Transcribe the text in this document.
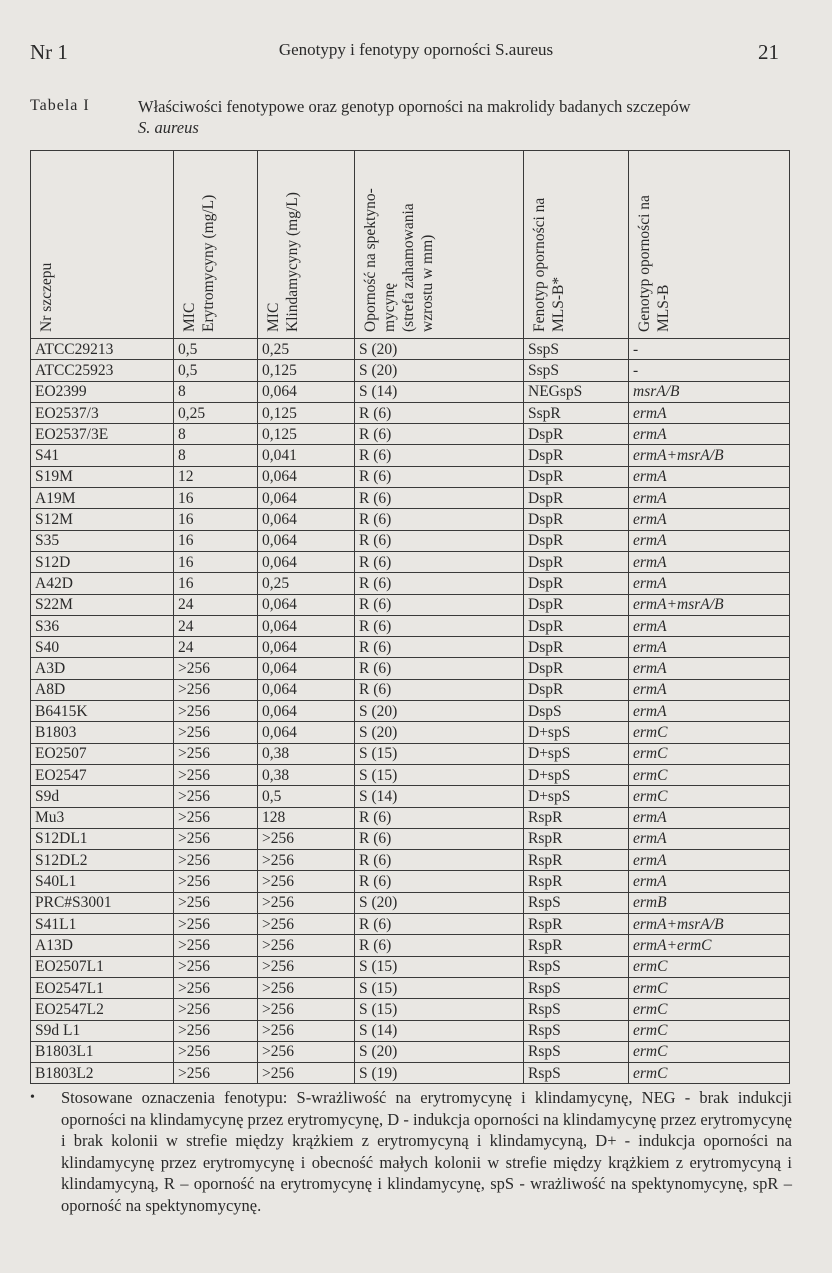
Nr 1	Genotypy i fenotypy oporności S.aureus	21
Tabela I	Właściwości fenotypowe oraz genotyp oporności na makrolidy badanych szczepów
S. aureus
Nr szczepu	MIC Erytromycyny (mg/L)	MIC Klindamycyny (mg/L)	Oporność na spektyno- mycynę (strefa zahamowania wzrostu w mm)	Fenotyp oporności na MLS-B*	Genotyp oporności na MLS-B

ATCC29213	0,5	0,25	S (20)	SspS	-
ATCC25923	0,5	0,125	S (20)	SspS	-
EO2399	8	0,064	S (14)	NEGspS	msrA/B
EO2537/3	0,25	0,125	R (6)	SspR	ermA
EO2537/3E	8	0,125	R (6)	DspR	ermA
S41	8	0,041	R (6)	DspR	ermA+msrA/B
S19M	12	0,064	R (6)	DspR	ermA
A19M	16	0,064	R (6)	DspR	ermA
S12M	16	0,064	R (6)	DspR	ermA
S35	16	0,064	R (6)	DspR	ermA
S12D	16	0,064	R (6)	DspR	ermA
A42D	16	0,25	R (6)	DspR	ermA
S22M	24	0,064	R (6)	DspR	ermA+msrA/B
S36	24	0,064	R (6)	DspR	ermA
S40	24	0,064	R (6)	DspR	ermA
A3D	>256	0,064	R (6)	DspR	ermA
A8D	>256	0,064	R (6)	DspR	ermA
B6415K	>256	0,064	S (20)	DspS	ermA
B1803	>256	0,064	S (20)	D+spS	ermC
EO2507	>256	0,38	S (15)	D+spS	ermC
EO2547	>256	0,38	S (15)	D+spS	ermC
S9d	>256	0,5	S (14)	D+spS	ermC
Mu3	>256	128	R (6)	RspR	ermA
S12DL1	>256	>256	R (6)	RspR	ermA
S12DL2	>256	>256	R (6)	RspR	ermA
S40L1	>256	>256	R (6)	RspR	ermA
PRC#S3001	>256	>256	S (20)	RspS	ermB
S41L1	>256	>256	R (6)	RspR	ermA+msrA/B
A13D	>256	>256	R (6)	RspR	ermA+ermC
EO2507L1	>256	>256	S (15)	RspS	ermC
EO2547L1	>256	>256	S (15)	RspS	ermC
EO2547L2	>256	>256	S (15)	RspS	ermC
S9d L1	>256	>256	S (14)	RspS	ermC
B1803L1	>256	>256	S (20)	RspS	ermC
B1803L2	>256	>256	S (19)	RspS	ermC
• Stosowane oznaczenia fenotypu: S-wrażliwość na erytromycynę i klindamycynę, NEG - brak indukcji oporności na klindamycynę przez erytromycynę, D - indukcja oporności na klindamycynę przez erytromycynę i brak kolonii w strefie między krążkiem z erytromycyną i klindamycyną, D+ - indukcja oporności na klindamycynę przez erytromycynę i obecność małych kolonii w strefie między krążkiem z erytromycyną i klindamycyną, R – oporność na erytromycynę i klindamycynę, spS - wrażliwość na spektynomycynę, spR – oporność na spektynomycynę.
